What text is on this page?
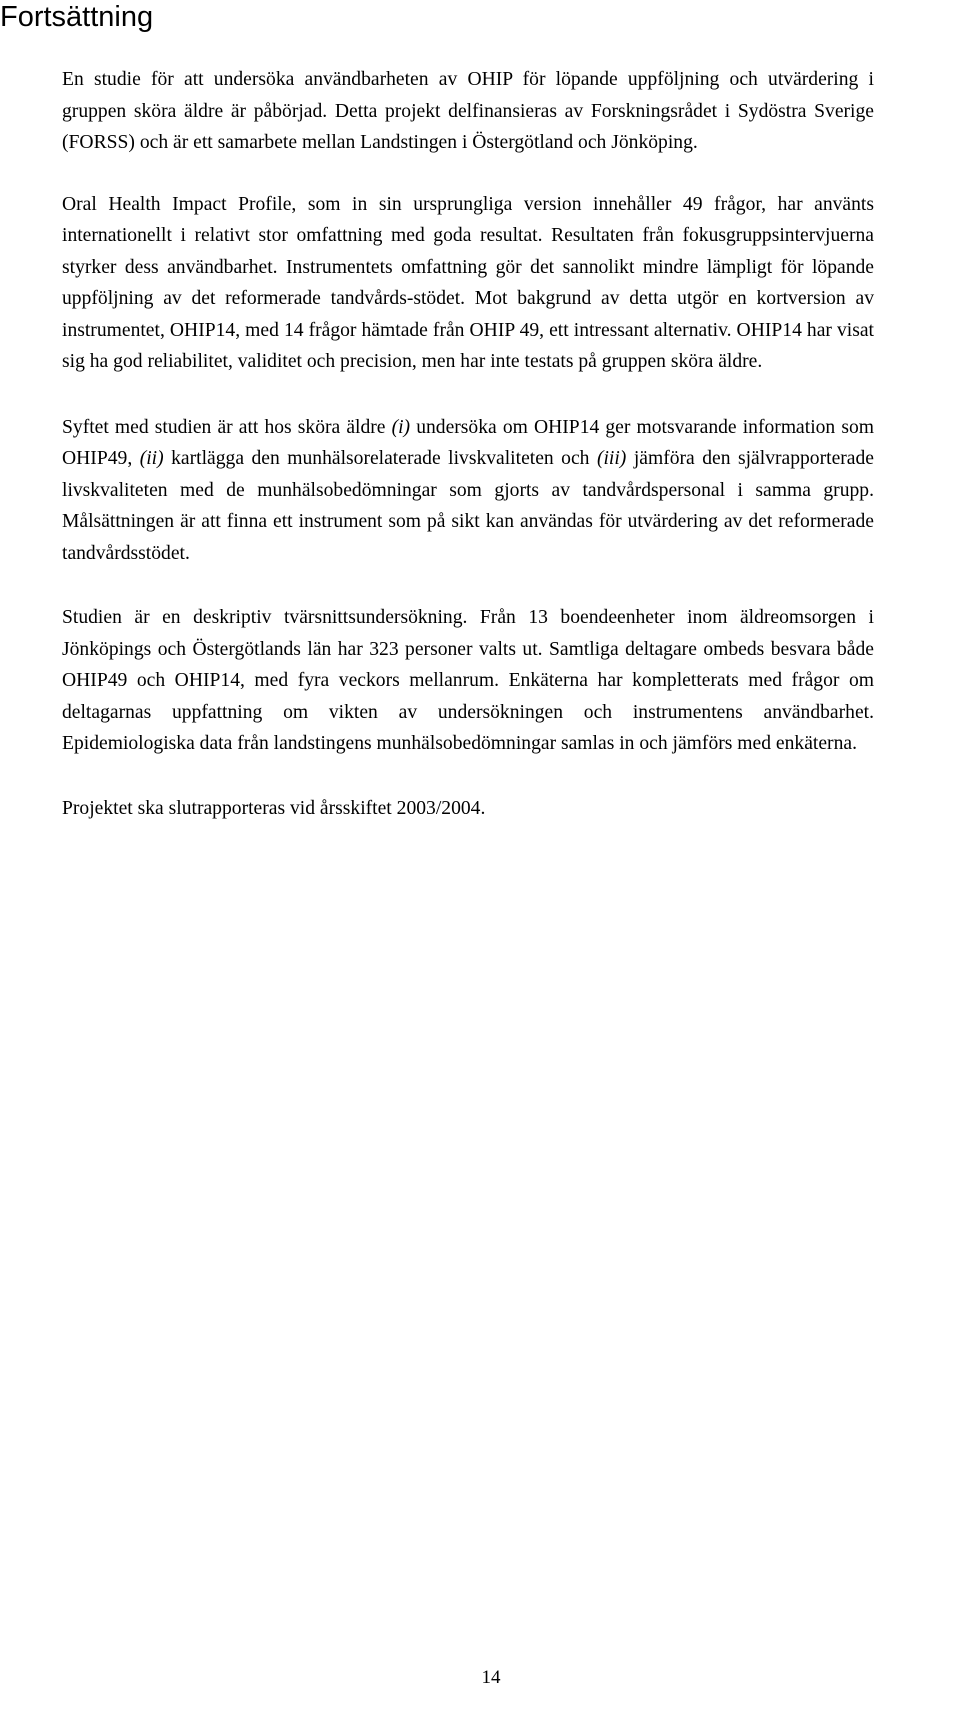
Fortsättning

En studie för att undersöka användbarheten av OHIP för löpande uppföljning och utvärdering i gruppen sköra äldre är påbörjad. Detta projekt delfinansieras av Forskningsrådet i Sydöstra Sverige (FORSS) och är ett samarbete mellan Landstingen i Östergötland och Jönköping.

Oral Health Impact Profile, som in sin ursprungliga version innehåller 49 frågor, har använts internationellt i relativt stor omfattning med goda resultat. Resultaten från fokusgruppsintervjuerna styrker dess användbarhet. Instrumentets omfattning gör det sannolikt mindre lämpligt för löpande uppföljning av det reformerade tandvårds-stödet. Mot bakgrund av detta utgör en kortversion av instrumentet, OHIP14, med 14 frågor hämtade från OHIP 49, ett intressant alternativ. OHIP14 har visat sig ha god reliabilitet, validitet och precision, men har inte testats på gruppen sköra äldre.

Syftet med studien är att hos sköra äldre (i) undersöka om OHIP14 ger motsvarande information som OHIP49, (ii) kartlägga den munhälsorelaterade livskvaliteten och (iii) jämföra den självrapporterade livskvaliteten med de munhälsobedömningar som gjorts av tandvårdspersonal i samma grupp. Målsättningen är att finna ett instrument som på sikt kan användas för utvärdering av det reformerade tandvårdsstödet.

Studien är en deskriptiv tvärsnittsundersökning. Från 13 boendeenheter inom äldreomsorgen i Jönköpings och Östergötlands län har 323 personer valts ut. Samtliga deltagare ombeds besvara både OHIP49 och OHIP14, med fyra veckors mellanrum. Enkäterna har kompletterats med frågor om deltagarnas uppfattning om vikten av undersökningen och instrumentens användbarhet. Epidemiologiska data från landstingens munhälsobedömningar samlas in och jämförs med enkäterna.

Projektet ska slutrapporteras vid årsskiftet 2003/2004.

14
